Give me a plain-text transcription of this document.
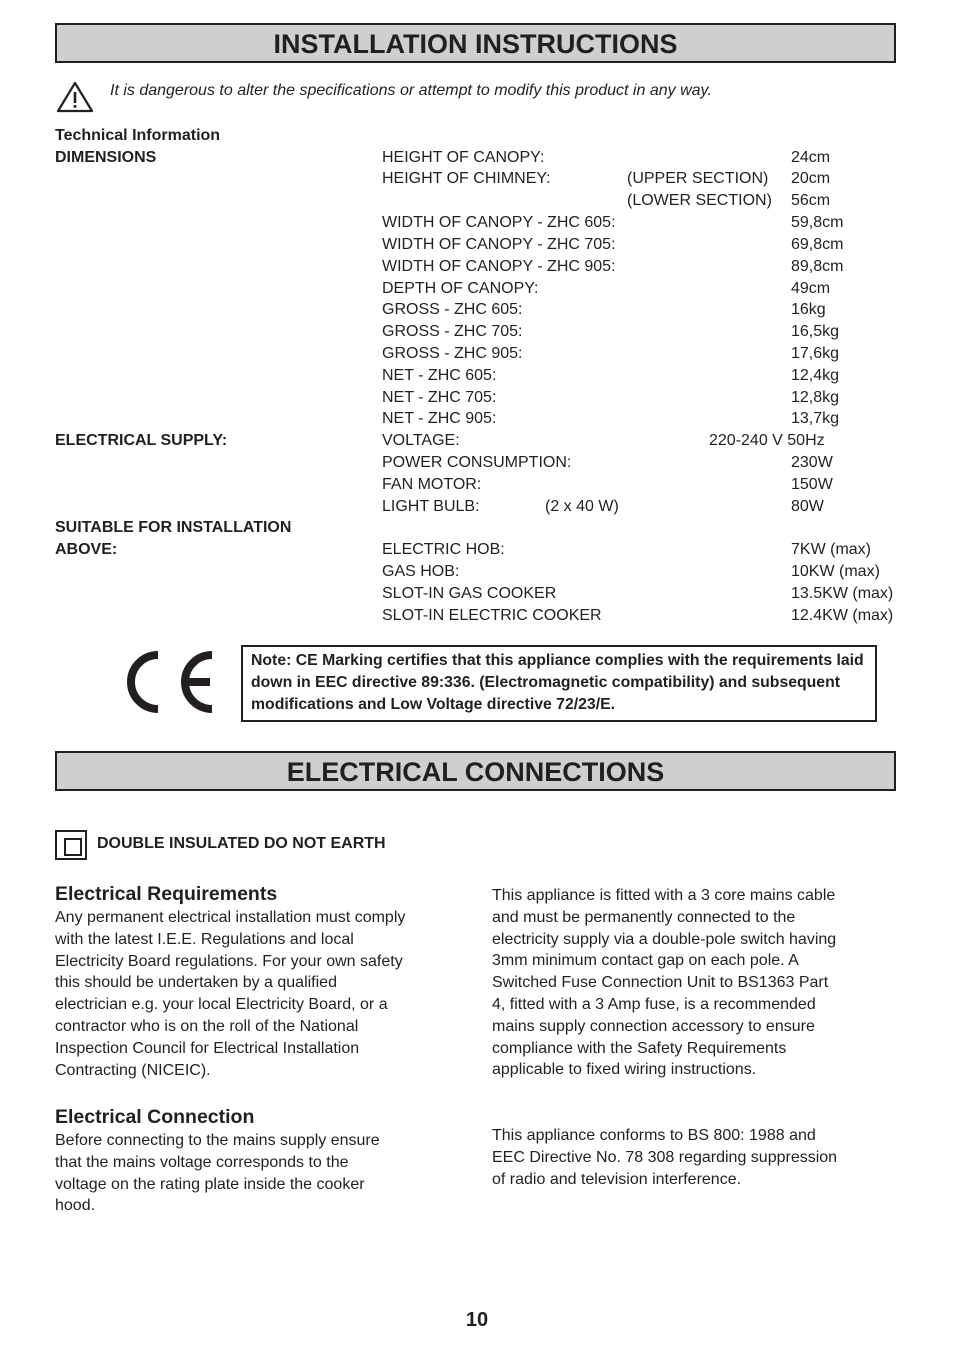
INSTALLATION INSTRUCTIONS
It is dangerous to alter the specifications or attempt to modify this product in any way.
Technical Information
DIMENSIONS	HEIGHT OF CANOPY:	24cm
HEIGHT OF CHIMNEY:	(UPPER SECTION) 20cm
(LOWER SECTION) 56cm
WIDTH OF CANOPY - ZHC 605:	59,8cm
WIDTH OF CANOPY - ZHC 705:	69,8cm
WIDTH OF CANOPY - ZHC 905:	89,8cm
DEPTH OF CANOPY:	49cm
GROSS - ZHC 605:	16kg
GROSS - ZHC 705:	16,5kg
GROSS - ZHC 905:	17,6kg
NET - ZHC 605:	12,4kg
NET - ZHC 705:	12,8kg
NET - ZHC 905:	13,7kg
ELECTRICAL SUPPLY:	VOLTAGE:	220-240 V 50Hz
POWER CONSUMPTION:	230W
FAN MOTOR:	150W
LIGHT BULB:	(2 x 40 W)	80W
SUITABLE FOR INSTALLATION
ABOVE:	ELECTRIC HOB:	7KW (max)
GAS HOB:	10KW (max)
SLOT-IN GAS COOKER	13.5KW (max)
SLOT-IN ELECTRIC COOKER	12.4KW (max)
Note: CE Marking certifies that this appliance complies with the requirements laid down in EEC directive 89:336. (Electromagnetic compatibility) and subsequent modifications and Low Voltage directive 72/23/E.
ELECTRICAL CONNECTIONS
DOUBLE INSULATED DO NOT EARTH
Electrical Requirements

Any permanent electrical installation must comply with the latest I.E.E. Regulations and local Electricity Board regulations. For your own safety this should be undertaken by a qualified electrician e.g. your local Electricity Board, or a contractor who is on the roll of the National Inspection Council for Electrical Installation Contracting (NICEIC).

Electrical Connection

Before connecting to the mains supply ensure that the mains voltage corresponds to the voltage on the rating plate inside the cooker hood.

This appliance is fitted with a 3 core mains cable and must be permanently connected to the electricity supply via a double-pole switch having 3mm minimum contact gap on each pole. A Switched Fuse Connection Unit to BS1363 Part 4, fitted with a 3 Amp fuse, is a recommended mains supply connection accessory to ensure compliance with the Safety Requirements applicable to fixed wiring instructions.

This appliance conforms to BS 800: 1988 and EEC Directive No. 78 308 regarding suppression of radio and television interference.

10
